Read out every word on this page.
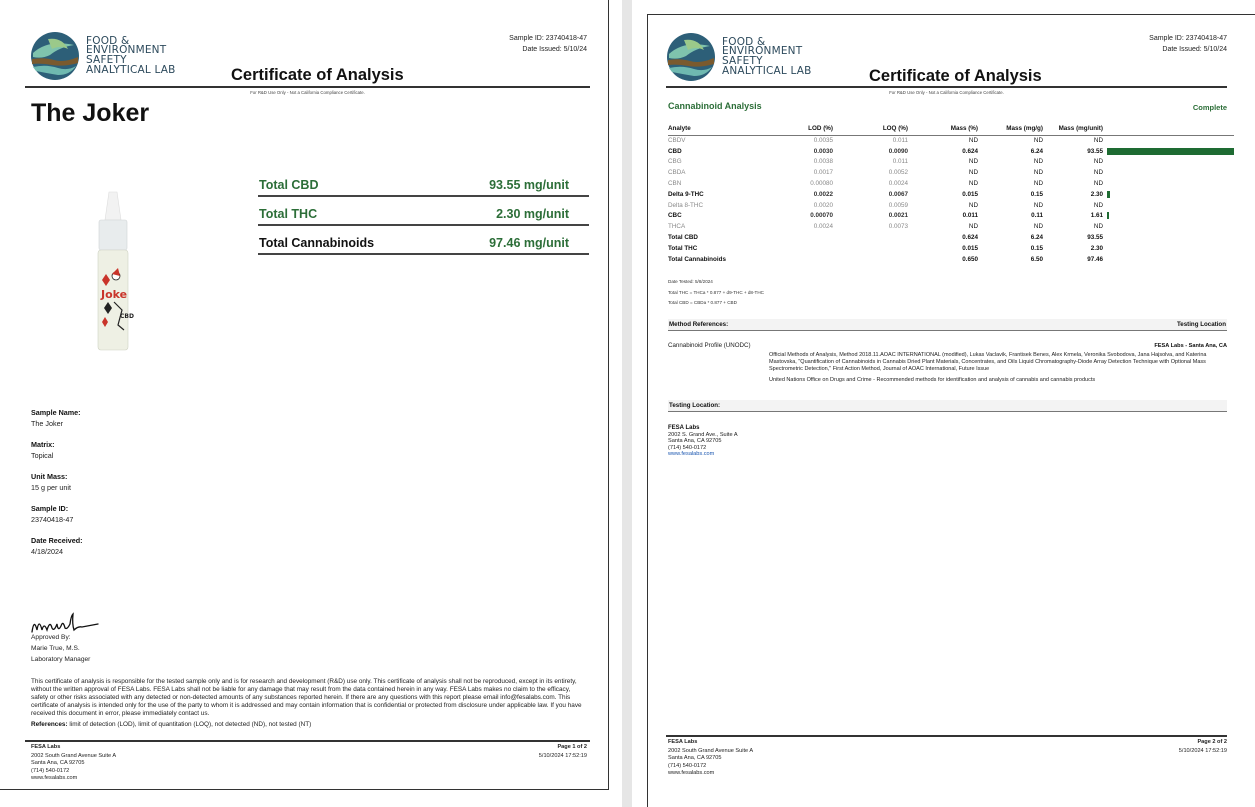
FOOD &
ENVIRONMENT
SAFETY
ANALYTICAL LAB
Sample ID: 23740418-47
Date Issued: 5/10/24
Certificate of Analysis
For R&D Use Only - Not a California Compliance Certificate.
The Joker
Total CBD	93.55 mg/unit
Total THC	2.30 mg/unit
Total Cannabinoids	97.46 mg/unit
Joke
CBD
Sample Name:
The Joker
Matrix:
Topical
Unit Mass:
15 g per unit
Sample ID:
23740418-47
Date Received:
4/18/2024
Approved By:
Marie True, M.S.
Laboratory Manager
This certificate of analysis is responsible for the tested sample only and is for research and development (R&D) use only. This certificate of analysis shall not be reproduced, except in its entirety, without the written approval of FESA Labs. FESA Labs shall not be liable for any damage that may result from the data contained herein in any way. FESA Labs makes no claim to the efficacy, safety or other risks associated with any detected or non-detected amounts of any substances reported herein. If there are any questions with this report please email info@fesalabs.com. This certificate of analysis is intended only for the use of the party to whom it is addressed and may contain information that is confidential or protected from disclosure under applicable law. If you have received this document in error, please immediately contact us.
References: limit of detection (LOD), limit of quantitation (LOQ), not detected (ND), not tested (NT)
FESA Labs
2002 South Grand Avenue Suite A
Santa Ana, CA 92705
(714) 540-0172
www.fesalabs.com
Page 1 of 2
5/10/2024 17:52:19
FOOD &
ENVIRONMENT
SAFETY
ANALYTICAL LAB
Sample ID: 23740418-47
Date Issued: 5/10/24
Certificate of Analysis
For R&D Use Only - Not a California Compliance Certificate.
Cannabinoid Analysis	Complete
Analyte	LOD (%)	LOQ (%)	Mass (%)	Mass (mg/g)	Mass (mg/unit)	
CBDV	0.0035	0.011	ND	ND	ND	
CBD	0.0030	0.0090	0.624	6.24	93.55	
CBG	0.0038	0.011	ND	ND	ND	
CBDA	0.0017	0.0052	ND	ND	ND	
CBN	0.00080	0.0024	ND	ND	ND	
Delta 9-THC	0.0022	0.0067	0.015	0.15	2.30	
Delta 8-THC	0.0020	0.0059	ND	ND	ND	
CBC	0.00070	0.0021	0.011	0.11	1.61	
THCA	0.0024	0.0073	ND	ND	ND	
Total CBD			0.624	6.24	93.55	
Total THC			0.015	0.15	2.30	
Total Cannabinoids			0.650	6.50	97.46	
Date Tested: 5/8/2024
Total THC = THCa * 0.877 + d9-THC + d8-THC
Total CBD = CBDa * 0.877 + CBD
Method References:	Testing Location
Cannabinoid Profile (UNODC)	FESA Labs - Santa Ana, CA

Official Methods of Analysis, Method 2018.11.AOAC INTERNATIONAL (modified), Lukas Vaclavik, Frantisek Benes, Alex Krmela, Veronika Svobodova, Jana Hajsolva, and Katerina Mastovska, "Quantification of Cannabinoids in Cannabis Dried Plant Materials, Concentrates, and Oils Liquid Chromatography-Diode Array Detection Technique with Optional Mass Spectrometric Detection," First Action Method, Journal of AOAC International, Future Issue

United Nations Office on Drugs and Crime - Recommended methods for identification and analysis of cannabis and cannabis products

Testing Location:
FESA Labs
2002 S. Grand Ave., Suite A
Santa Ana, CA 92705
(714) 540-0172
www.fesalabs.com
FESA Labs
2002 South Grand Avenue Suite A
Santa Ana, CA 92705
(714) 540-0172
www.fesalabs.com
Page 2 of 2
5/10/2024 17:52:19
